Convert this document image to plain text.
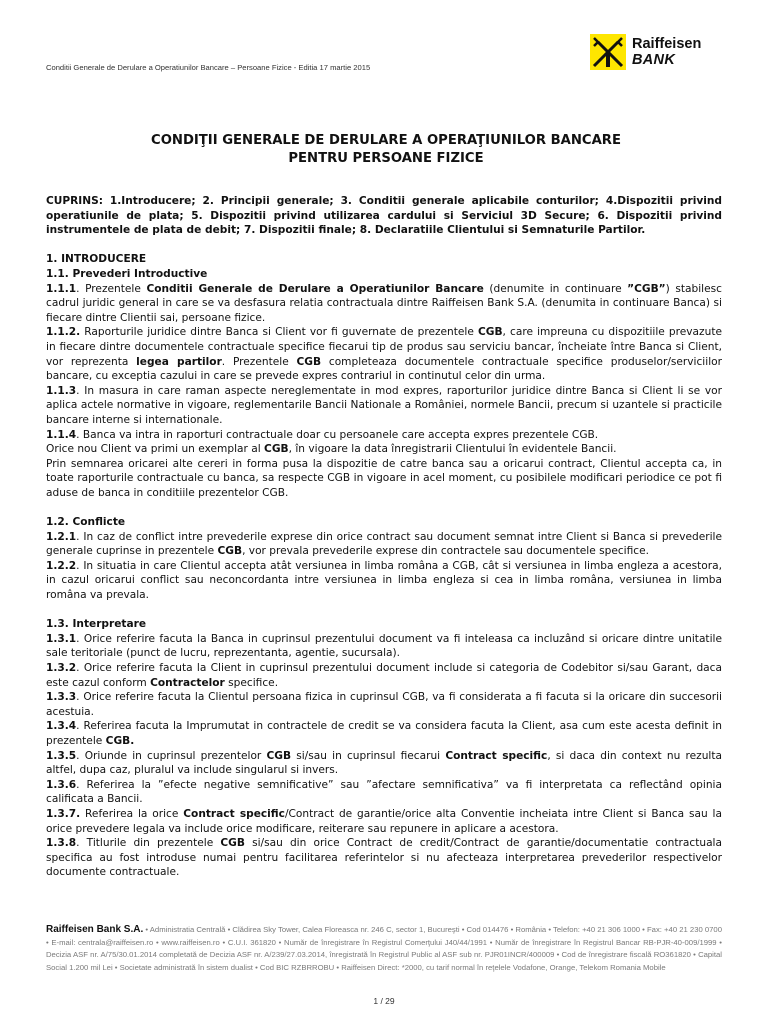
Conditii Generale de Derulare a Operatiunilor Bancare – Persoane Fizice - Editia 17 martie 2015
Raiffeisen
BANK
CONDIŢII GENERALE DE DERULARE A OPERAŢIUNILOR BANCARE
PENTRU PERSOANE FIZICE

CUPRINS: 1.Introducere; 2. Principii generale; 3. Conditii generale aplicabile conturilor; 4.Dispozitii privind operatiunile de plata; 5. Dispozitii privind utilizarea cardului si Serviciul 3D Secure; 6. Dispozitii privind instrumentele de plata de debit; 7. Dispozitii finale; 8. Declaratiile Clientului si Semnaturile Partilor.

1. INTRODUCERE

1.1. Prevederi Introductive

1.1.1. Prezentele Conditii Generale de Derulare a Operatiunilor Bancare (denumite in continuare ”CGB”) stabilesc cadrul juridic general in care se va desfasura relatia contractuala dintre Raiffeisen Bank S.A. (denumita in continuare Banca) si fiecare dintre Clientii sai, persoane fizice.

1.1.2. Raporturile juridice dintre Banca si Client vor fi guvernate de prezentele CGB, care impreuna cu dispozitiile prevazute in fiecare dintre documentele contractuale specifice fiecarui tip de produs sau serviciu bancar, încheiate între Banca si Client, vor reprezenta legea partilor. Prezentele CGB completeaza documentele contractuale specifice produselor/serviciilor bancare, cu exceptia cazului in care se prevede expres contrariul in continutul celor din urma.

1.1.3. In masura in care raman aspecte nereglementate in mod expres, raporturilor juridice dintre Banca si Client li se vor aplica actele normative in vigoare, reglementarile Bancii Nationale a României, normele Bancii, precum si uzantele si practicile bancare interne si internationale.

1.1.4. Banca va intra in raporturi contractuale doar cu persoanele care accepta expres prezentele CGB.

Orice nou Client va primi un exemplar al CGB, în vigoare la data înregistrarii Clientului în evidentele Bancii.

Prin semnarea oricarei alte cereri in forma pusa la dispozitie de catre banca sau a oricarui contract, Clientul accepta ca, in toate raporturile contractuale cu banca, sa respecte CGB in vigoare in acel moment, cu posibilele modificari periodice ce pot fi aduse de banca in conditiile prezentelor CGB.

1.2. Conflicte

1.2.1. In caz de conflict intre prevederile exprese din orice contract sau document semnat intre Client si Banca si prevederile generale cuprinse in prezentele CGB, vor prevala prevederile exprese din contractele sau documentele specifice.

1.2.2. In situatia in care Clientul accepta atât versiunea in limba româna a CGB, cât si versiunea in limba engleza a acestora, in cazul oricarui conflict sau neconcordanta intre versiunea in limba engleza si cea in limba româna, versiunea in limba româna va prevala.

1.3. Interpretare

1.3.1. Orice referire facuta la Banca in cuprinsul prezentului document va fi inteleasa ca incluzând si oricare dintre unitatile sale teritoriale (punct de lucru, reprezentanta, agentie, sucursala).

1.3.2. Orice referire facuta la Client in cuprinsul prezentului document include si categoria de Codebitor si/sau Garant, daca este cazul conform Contractelor specifice.

1.3.3. Orice referire facuta la Clientul persoana fizica in cuprinsul CGB, va fi considerata a fi facuta si la oricare din succesorii acestuia.

1.3.4. Referirea facuta la Imprumutat in contractele de credit se va considera facuta la Client, asa cum este acesta definit in prezentele CGB.

1.3.5. Oriunde in cuprinsul prezentelor CGB si/sau in cuprinsul fiecarui Contract specific, si daca din context nu rezulta altfel, dupa caz, pluralul va include singularul si invers.

1.3.6. Referirea la ”efecte negative semnificative” sau ”afectare semnificativa” va fi interpretata ca reflectând opinia calificata a Bancii.

1.3.7. Referirea la orice Contract specific/Contract de garantie/orice alta Conventie incheiata intre Client si Banca sau la orice prevedere legala va include orice modificare, reiterare sau repunere in aplicare a acestora.

1.3.8. Titlurile din prezentele CGB si/sau din orice Contract de credit/Contract de garantie/documentatie contractuala specifica au fost introduse numai pentru facilitarea referintelor si nu afecteaza interpretarea prevederilor respectivelor documente contractuale.

Raiffeisen Bank S.A. • Administratia Centrală • Clădirea Sky Tower, Calea Floreasca nr. 246 C, sector 1, Bucureşti • Cod 014476 • România • Telefon: +40 21 306 1000 • Fax: +40 21 230 0700 • E-mail: centrala@raiffeisen.ro • www.raiffeisen.ro • C.U.I. 361820 • Număr de înregistrare în Registrul Comerţului J40/44/1991 • Număr de înregistrare în Registrul Bancar RB-PJR-40-009/1999 • Decizia ASF nr. A/75/30.01.2014 completată de Decizia ASF nr. A/239/27.03.2014, înregistrată în Registrul Public al ASF sub nr. PJR01INCR/400009 • Cod de înregistrare fiscală RO361820 • Capital Social 1.200 mil Lei • Societate administrată în sistem dualist • Cod BIC RZBRROBU • Raiffeisen Direct: *2000, cu tarif normal în reţelele Vodafone, Orange, Telekom Romania Mobile
1 / 29
